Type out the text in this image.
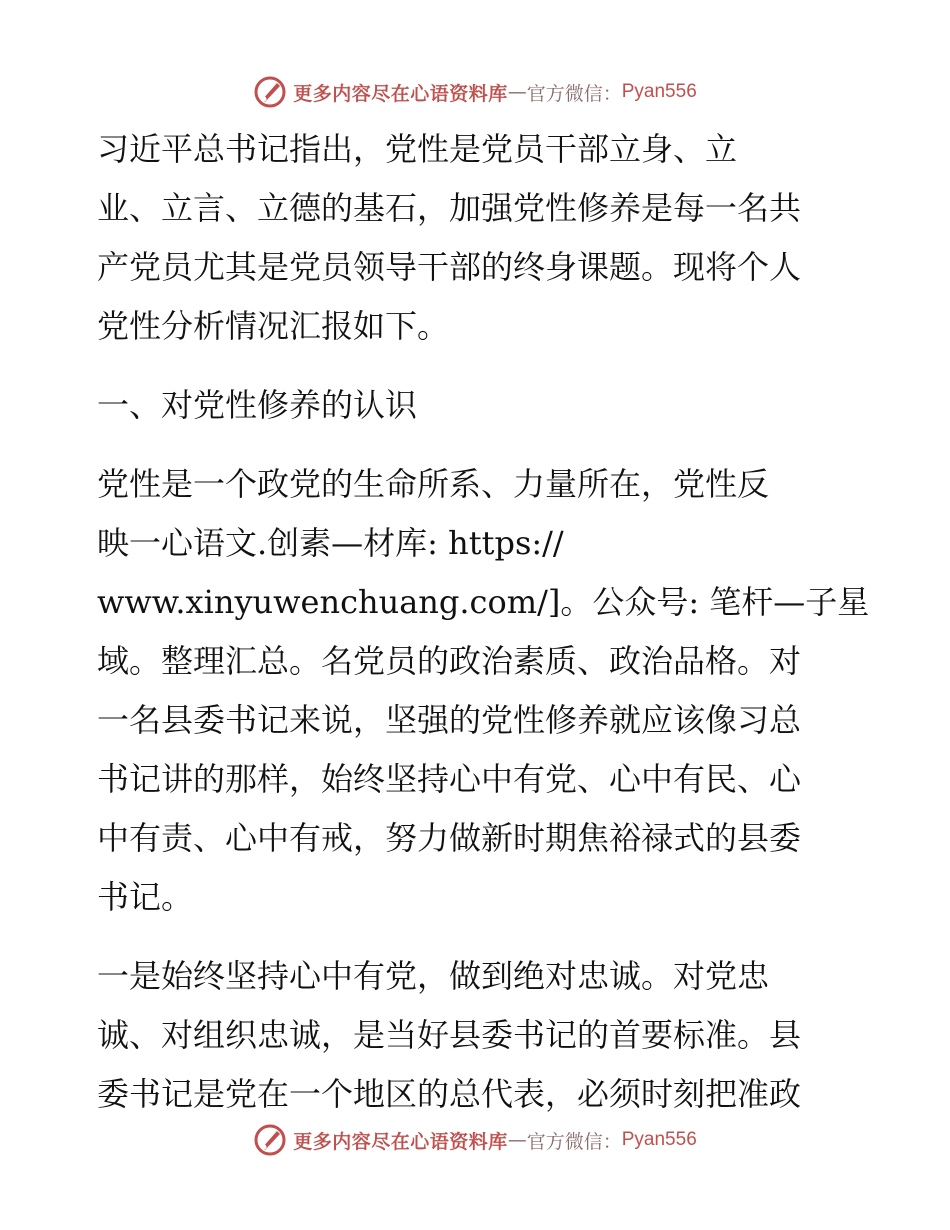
更多内容尽在心语资料库 — 官方微信： Pyan556

习近平总书记指出，党性是党员干部立身、立
业、立言、立德的基石，加强党性修养是每一名共
产党员尤其是党员领导干部的终身课题。现将个人
党性分析情况汇报如下。

一、对党性修养的认识

党性是一个政党的生命所系、力量所在，党性反
映一心语文.创素—材库: https://
www.xinyuwenchuang.com/]。公众号: 笔杆—子星
域。整理汇总。名党员的政治素质、政治品格。对
一名县委书记来说，坚强的党性修养就应该像习总
书记讲的那样，始终坚持心中有党、心中有民、心
中有责、心中有戒，努力做新时期焦裕禄式的县委
书记。

一是始终坚持心中有党，做到绝对忠诚。对党忠
诚、对组织忠诚，是当好县委书记的首要标准。县
委书记是党在一个地区的总代表，必须时刻把准政

更多内容尽在心语资料库 — 官方微信： Pyan556
